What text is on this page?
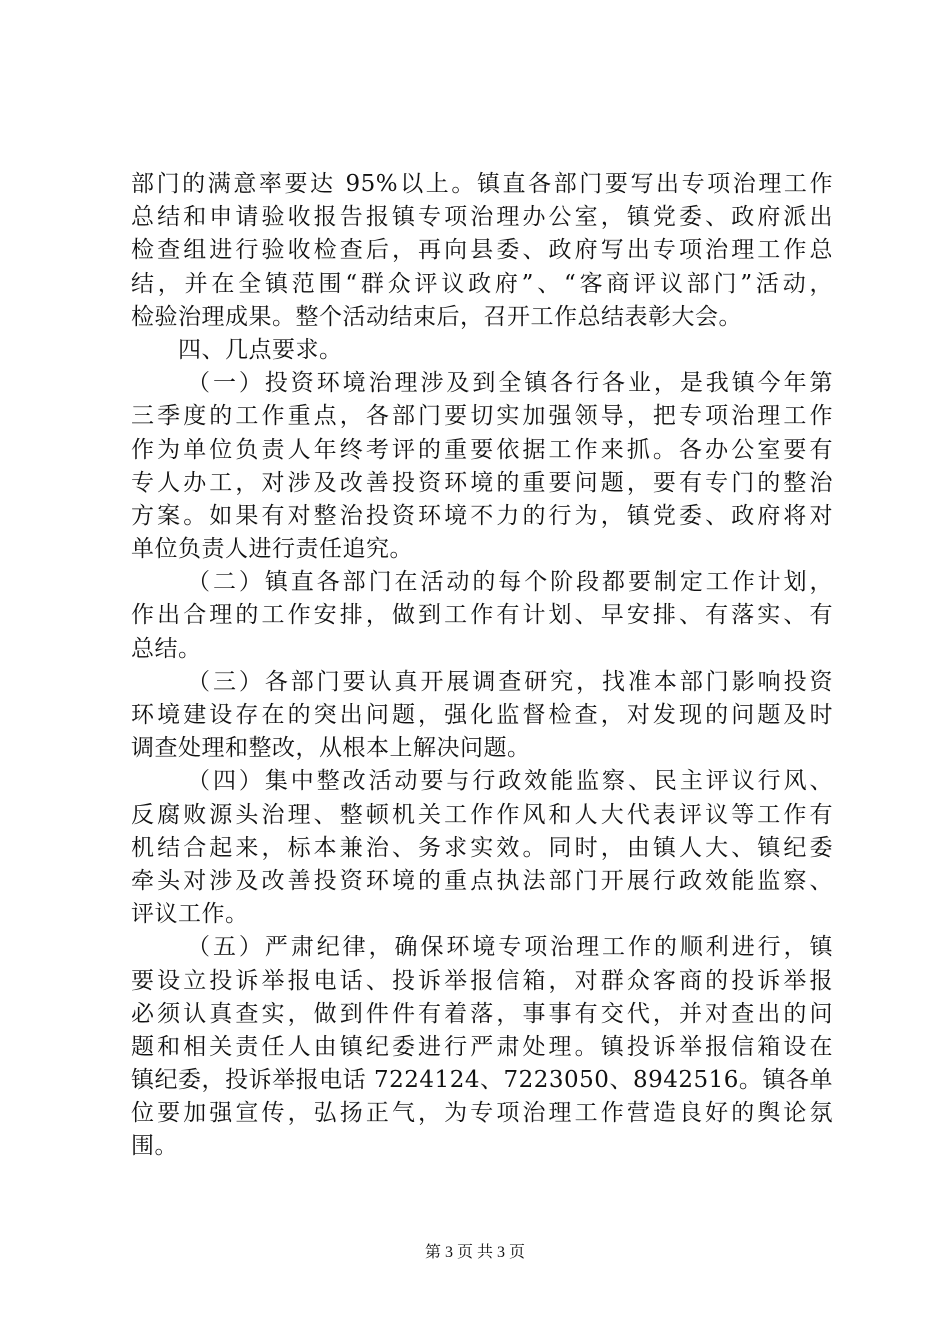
部门的满意率要达 95%以上。镇直各部门要写出专项治理工作
总结和申请验收报告报镇专项治理办公室，镇党委、政府派出
检查组进行验收检查后，再向县委、政府写出专项治理工作总
结，并在全镇范围“群众评议政府”、“客商评议部门”活动，
检验治理成果。整个活动结束后，召开工作总结表彰大会。
四、几点要求。
（一）投资环境治理涉及到全镇各行各业，是我镇今年第
三季度的工作重点，各部门要切实加强领导，把专项治理工作
作为单位负责人年终考评的重要依据工作来抓。各办公室要有
专人办工，对涉及改善投资环境的重要问题，要有专门的整治
方案。如果有对整治投资环境不力的行为，镇党委、政府将对
单位负责人进行责任追究。
（二）镇直各部门在活动的每个阶段都要制定工作计划，
作出合理的工作安排，做到工作有计划、早安排、有落实、有
总结。
（三）各部门要认真开展调查研究，找准本部门影响投资
环境建设存在的突出问题，强化监督检查，对发现的问题及时
调查处理和整改，从根本上解决问题。
（四）集中整改活动要与行政效能监察、民主评议行风、
反腐败源头治理、整顿机关工作作风和人大代表评议等工作有
机结合起来，标本兼治、务求实效。同时，由镇人大、镇纪委
牵头对涉及改善投资环境的重点执法部门开展行政效能监察、
评议工作。
（五）严肃纪律，确保环境专项治理工作的顺利进行，镇
要设立投诉举报电话、投诉举报信箱，对群众客商的投诉举报
必须认真查实，做到件件有着落，事事有交代，并对查出的问
题和相关责任人由镇纪委进行严肃处理。镇投诉举报信箱设在
镇纪委，投诉举报电话 7224124、7223050、8942516。镇各单
位要加强宣传，弘扬正气，为专项治理工作营造良好的舆论氛
围。
第 3 页 共 3 页
